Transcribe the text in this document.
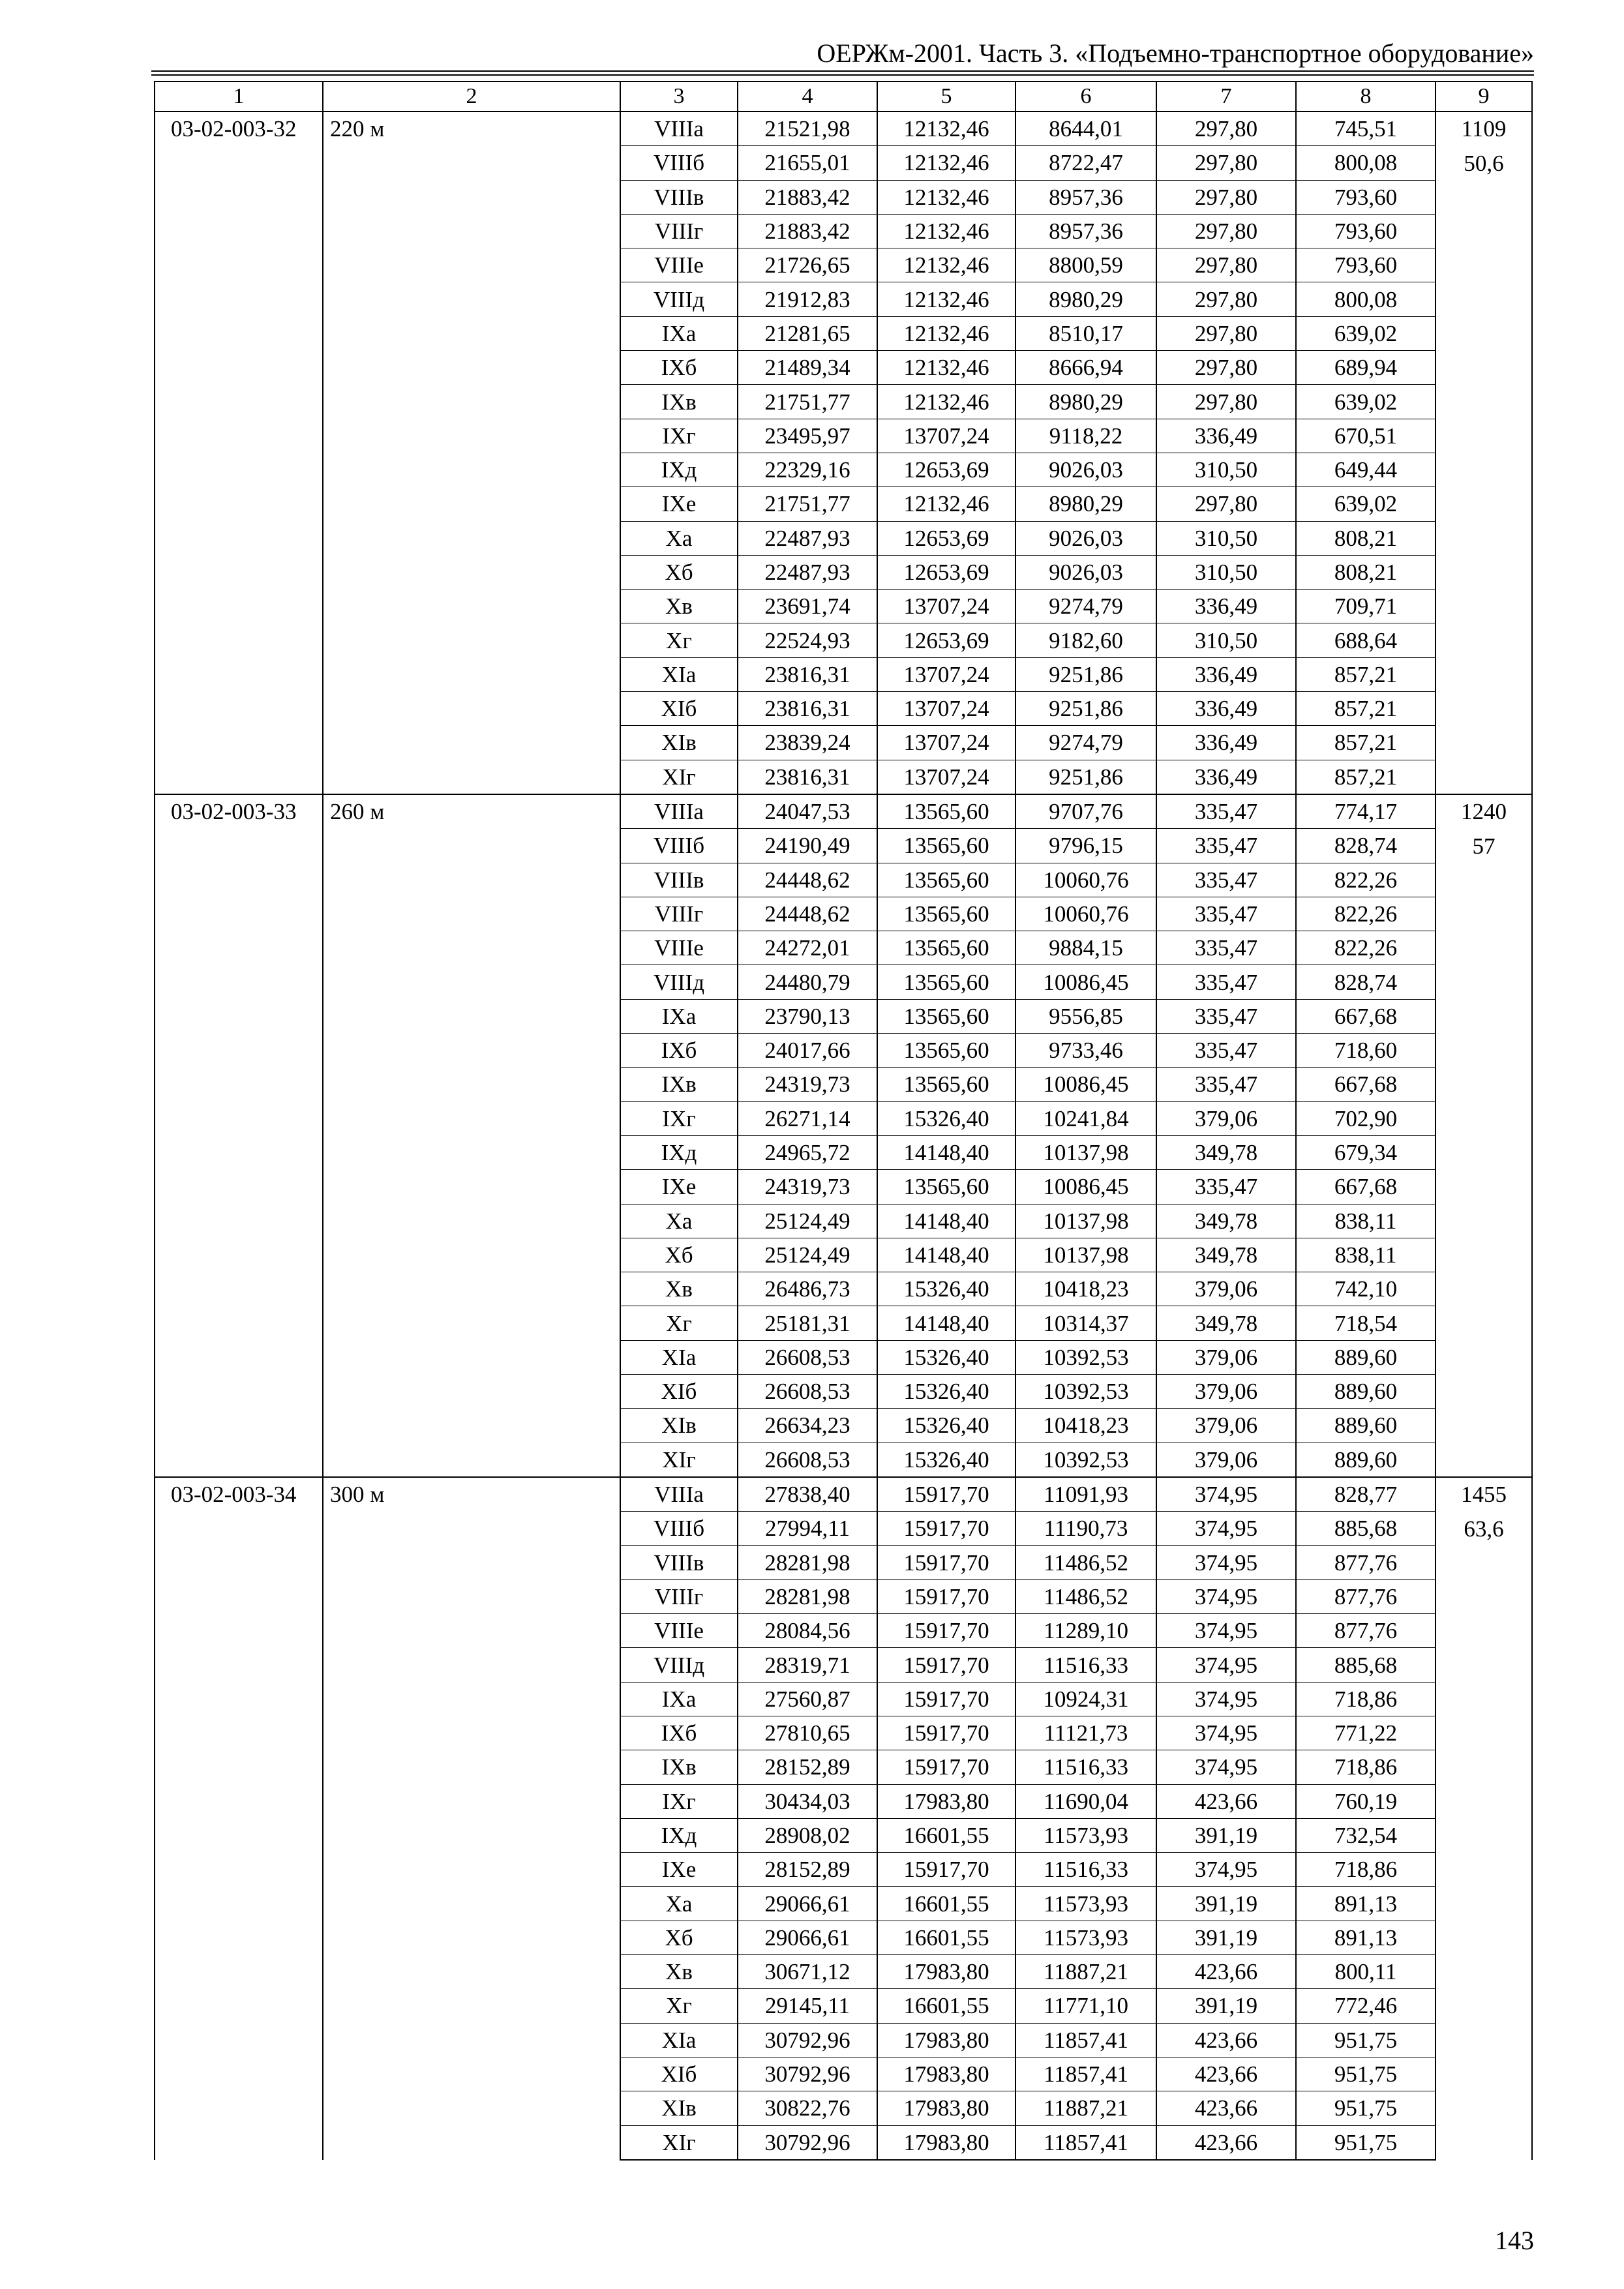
ОЕРЖм-2001. Часть 3. «Подъемно-транспортное оборудование»
1	2	3	4	5	6	7	8	9
03-02-003-32	220 м	VIIIа	21521,98	12132,46	8644,01	297,80	745,51	1109
50,6

		VIIIб	21655,01	12132,46	8722,47	297,80	800,08	
		VIIIв	21883,42	12132,46	8957,36	297,80	793,60	
		VIIIг	21883,42	12132,46	8957,36	297,80	793,60	
		VIIIе	21726,65	12132,46	8800,59	297,80	793,60	
		VIIIд	21912,83	12132,46	8980,29	297,80	800,08	
		IXа	21281,65	12132,46	8510,17	297,80	639,02	
		IXб	21489,34	12132,46	8666,94	297,80	689,94	
		IXв	21751,77	12132,46	8980,29	297,80	639,02	
		IXг	23495,97	13707,24	9118,22	336,49	670,51	
		IXд	22329,16	12653,69	9026,03	310,50	649,44	
		IXе	21751,77	12132,46	8980,29	297,80	639,02	
		Xа	22487,93	12653,69	9026,03	310,50	808,21	
		Xб	22487,93	12653,69	9026,03	310,50	808,21	
		Xв	23691,74	13707,24	9274,79	336,49	709,71	
		Xг	22524,93	12653,69	9182,60	310,50	688,64	
		XIа	23816,31	13707,24	9251,86	336,49	857,21	
		XIб	23816,31	13707,24	9251,86	336,49	857,21	
		XIв	23839,24	13707,24	9274,79	336,49	857,21	
		XIг	23816,31	13707,24	9251,86	336,49	857,21	
03-02-003-33	260 м	VIIIа	24047,53	13565,60	9707,76	335,47	774,17	1240
57

		VIIIб	24190,49	13565,60	9796,15	335,47	828,74	
		VIIIв	24448,62	13565,60	10060,76	335,47	822,26	
		VIIIг	24448,62	13565,60	10060,76	335,47	822,26	
		VIIIе	24272,01	13565,60	9884,15	335,47	822,26	
		VIIIд	24480,79	13565,60	10086,45	335,47	828,74	
		IXа	23790,13	13565,60	9556,85	335,47	667,68	
		IXб	24017,66	13565,60	9733,46	335,47	718,60	
		IXв	24319,73	13565,60	10086,45	335,47	667,68	
		IXг	26271,14	15326,40	10241,84	379,06	702,90	
		IXд	24965,72	14148,40	10137,98	349,78	679,34	
		IXе	24319,73	13565,60	10086,45	335,47	667,68	
		Xа	25124,49	14148,40	10137,98	349,78	838,11	
		Xб	25124,49	14148,40	10137,98	349,78	838,11	
		Xв	26486,73	15326,40	10418,23	379,06	742,10	
		Xг	25181,31	14148,40	10314,37	349,78	718,54	
		XIа	26608,53	15326,40	10392,53	379,06	889,60	
		XIб	26608,53	15326,40	10392,53	379,06	889,60	
		XIв	26634,23	15326,40	10418,23	379,06	889,60	
		XIг	26608,53	15326,40	10392,53	379,06	889,60	
03-02-003-34	300 м	VIIIа	27838,40	15917,70	11091,93	374,95	828,77	1455
63,6

		VIIIб	27994,11	15917,70	11190,73	374,95	885,68	
		VIIIв	28281,98	15917,70	11486,52	374,95	877,76	
		VIIIг	28281,98	15917,70	11486,52	374,95	877,76	
		VIIIе	28084,56	15917,70	11289,10	374,95	877,76	
		VIIIд	28319,71	15917,70	11516,33	374,95	885,68	
		IXа	27560,87	15917,70	10924,31	374,95	718,86	
		IXб	27810,65	15917,70	11121,73	374,95	771,22	
		IXв	28152,89	15917,70	11516,33	374,95	718,86	
		IXг	30434,03	17983,80	11690,04	423,66	760,19	
		IXд	28908,02	16601,55	11573,93	391,19	732,54	
		IXе	28152,89	15917,70	11516,33	374,95	718,86	
		Xа	29066,61	16601,55	11573,93	391,19	891,13	
		Xб	29066,61	16601,55	11573,93	391,19	891,13	
		Xв	30671,12	17983,80	11887,21	423,66	800,11	
		Xг	29145,11	16601,55	11771,10	391,19	772,46	
		XIа	30792,96	17983,80	11857,41	423,66	951,75	
		XIб	30792,96	17983,80	11857,41	423,66	951,75	
		XIв	30822,76	17983,80	11887,21	423,66	951,75	
		XIг	30792,96	17983,80	11857,41	423,66	951,75	
143
